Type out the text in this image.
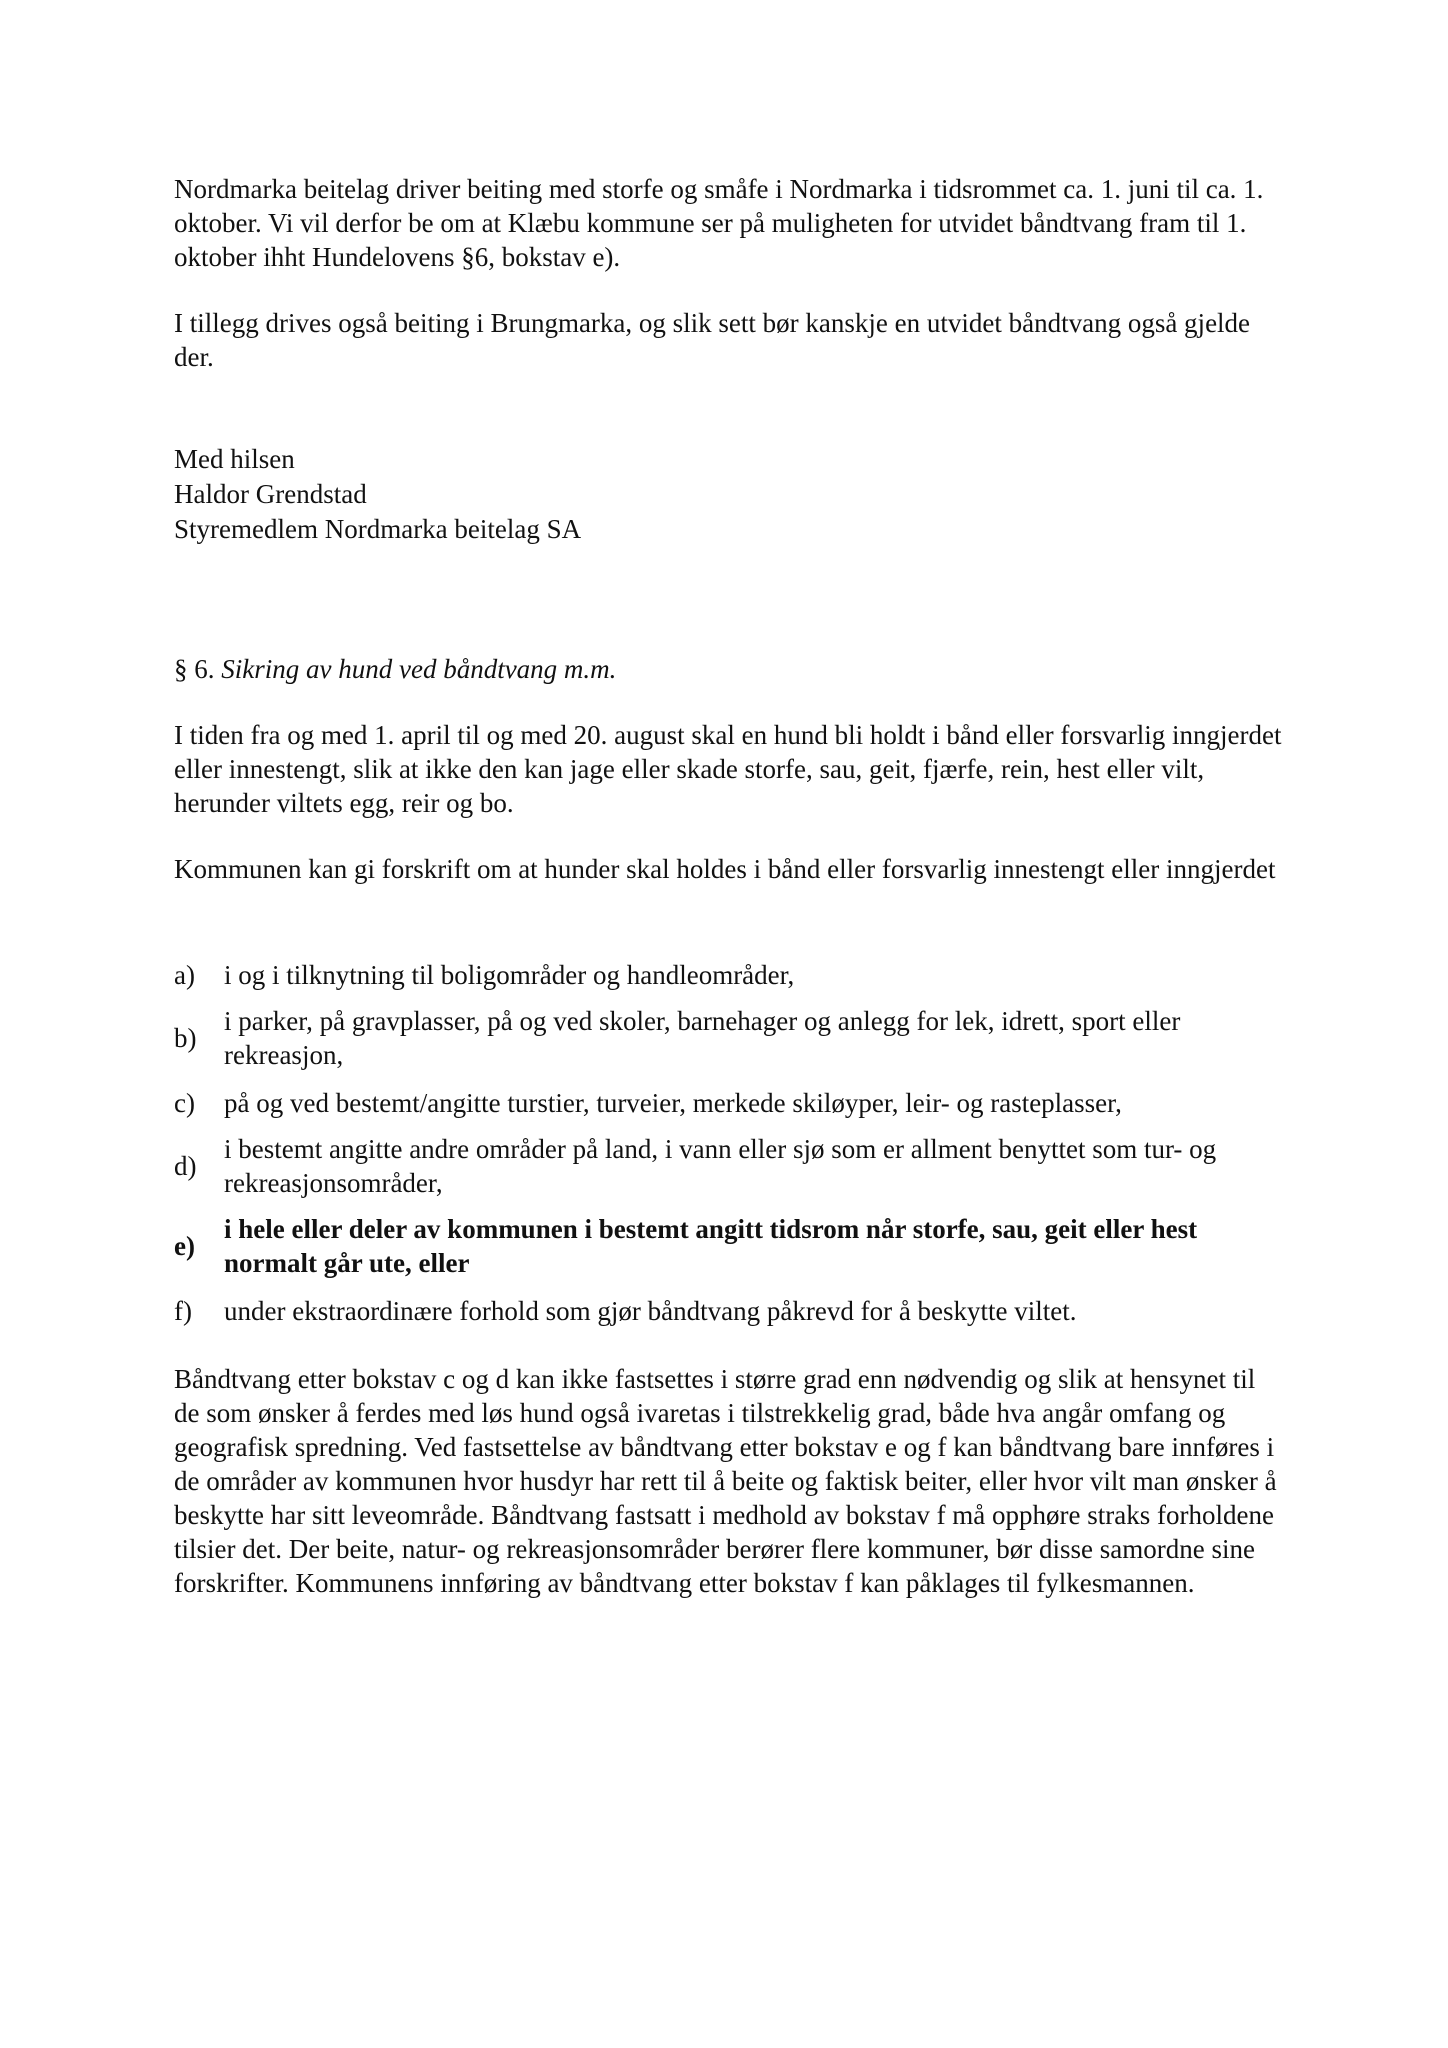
Nordmarka beitelag driver beiting med storfe og småfe i Nordmarka i tidsrommet ca. 1. juni til ca. 1. oktober. Vi vil derfor be om at Klæbu kommune ser på muligheten for utvidet båndtvang fram til 1. oktober ihht Hundelovens §6, bokstav e).

I tillegg drives også beiting i Brungmarka, og slik sett bør kanskje en utvidet båndtvang også gjelde der.

Med hilsen

Haldor Grendstad

Styremedlem Nordmarka beitelag SA

§ 6. Sikring av hund ved båndtvang m.m.

I tiden fra og med 1. april til og med 20. august skal en hund bli holdt i bånd eller forsvarlig inngjerdet eller innestengt, slik at ikke den kan jage eller skade storfe, sau, geit, fjærfe, rein, hest eller vilt, herunder viltets egg, reir og bo.

Kommunen kan gi forskrift om at hunder skal holdes i bånd eller forsvarlig innestengt eller inngjerdet

a) i og i tilknytning til boligområder og handleområder,
b)
i parker, på gravplasser, på og ved skoler, barnehager og anlegg for lek, idrett, sport eller rekreasjon,
c) på og ved bestemt/angitte turstier, turveier, merkede skiløyper, leir- og rasteplasser,
d)
i bestemt angitte andre områder på land, i vann eller sjø som er allment benyttet som tur- og rekreasjonsområder,
e)
i hele eller deler av kommunen i bestemt angitt tidsrom når storfe, sau, geit eller hest normalt går ute, eller
f) under ekstraordinære forhold som gjør båndtvang påkrevd for å beskytte viltet.

Båndtvang etter bokstav c og d kan ikke fastsettes i større grad enn nødvendig og slik at hensynet til de som ønsker å ferdes med løs hund også ivaretas i tilstrekkelig grad, både hva angår omfang og geografisk spredning. Ved fastsettelse av båndtvang etter bokstav e og f kan båndtvang bare innføres i de områder av kommunen hvor husdyr har rett til å beite og faktisk beiter, eller hvor vilt man ønsker å beskytte har sitt leveområde. Båndtvang fastsatt i medhold av bokstav f må opphøre straks forholdene tilsier det. Der beite, natur- og rekreasjonsområder berører flere kommuner, bør disse samordne sine forskrifter. Kommunens innføring av båndtvang etter bokstav f kan påklages til fylkesmannen.
